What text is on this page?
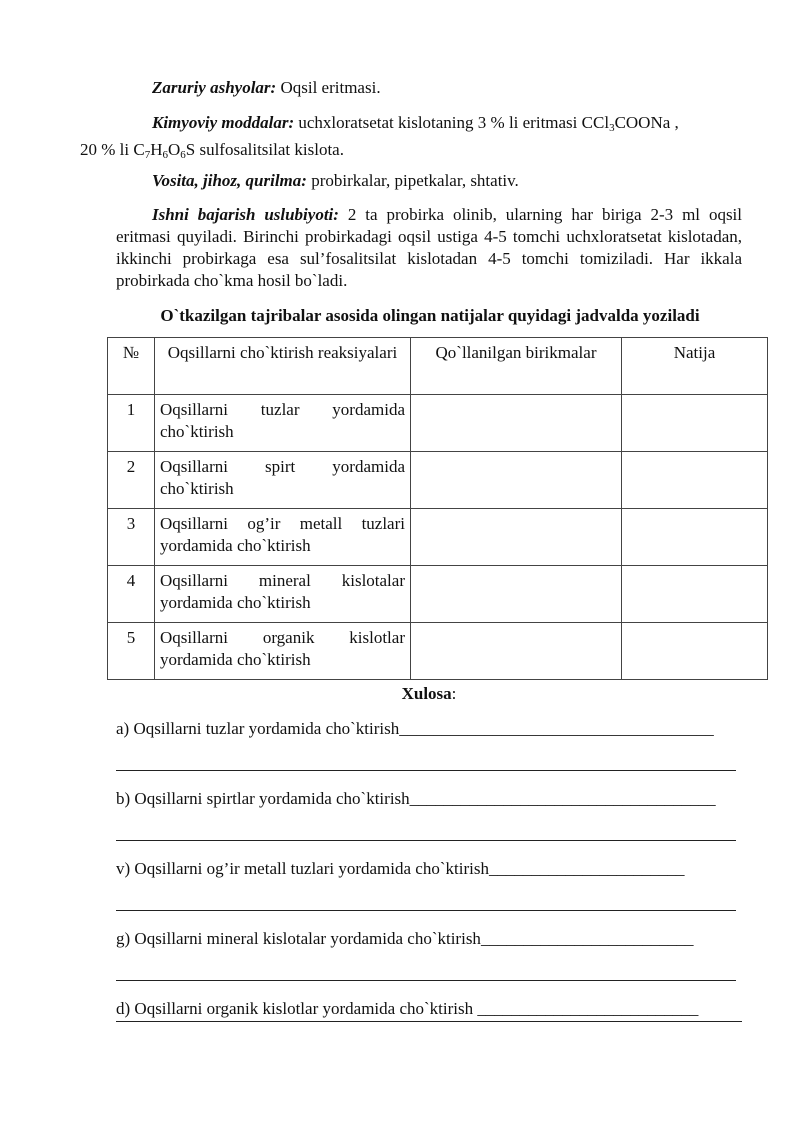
Zaruriy ashyolar: Oqsil eritmasi.

Kimyoviy moddalar: uchxloratsetat kislotaning 3 % li eritmasi CCl$_3$COONa ,
20 % li $C_7H_6O_6S$ sulfosalitsilat kislota.

Vosita, jihoz, qurilma: probirkalar, pipetkalar, shtativ.

Ishni bajarish uslubiyoti: 2 ta probirka olinib, ularning har biriga 2-3 ml oqsil eritmasi quyiladi. Birinchi probirkadagi oqsil ustiga 4-5 tomchi uchxloratsetat kislotadan, ikkinchi probirkaga esa sul’fosalitsilat kislotadan 4-5 tomchi tomiziladi. Har ikkala probirkada cho`kma hosil bo`ladi.

O`tkazilgan tajribalar asosida olingan natijalar quyidagi jadvalda yoziladi

№	Oqsillarni cho`ktirish reaksiyalari	Qo`llanilgan birikmalar	Natija
1	Oqsillarni tuzlar yordamida cho`ktirish		
2	Oqsillarni spirt yordamida cho`ktirish		
3	Oqsillarni og’ir metall tuzlari yordamida cho`ktirish		
4	Oqsillarni mineral kislotalar yordamida cho`ktirish		
5	Oqsillarni organik kislotlar yordamida cho`ktirish		
Xulosa:
a) Oqsillarni tuzlar yordamida cho`ktirish_____________________________________
b) Oqsillarni spirtlar yordamida cho`ktirish____________________________________
v) Oqsillarni og’ir metall tuzlari yordamida cho`ktirish_______________________
g) Oqsillarni mineral kislotalar yordamida cho`ktirish_________________________
d) Oqsillarni organik kislotlar yordamida cho`ktirish __________________________
